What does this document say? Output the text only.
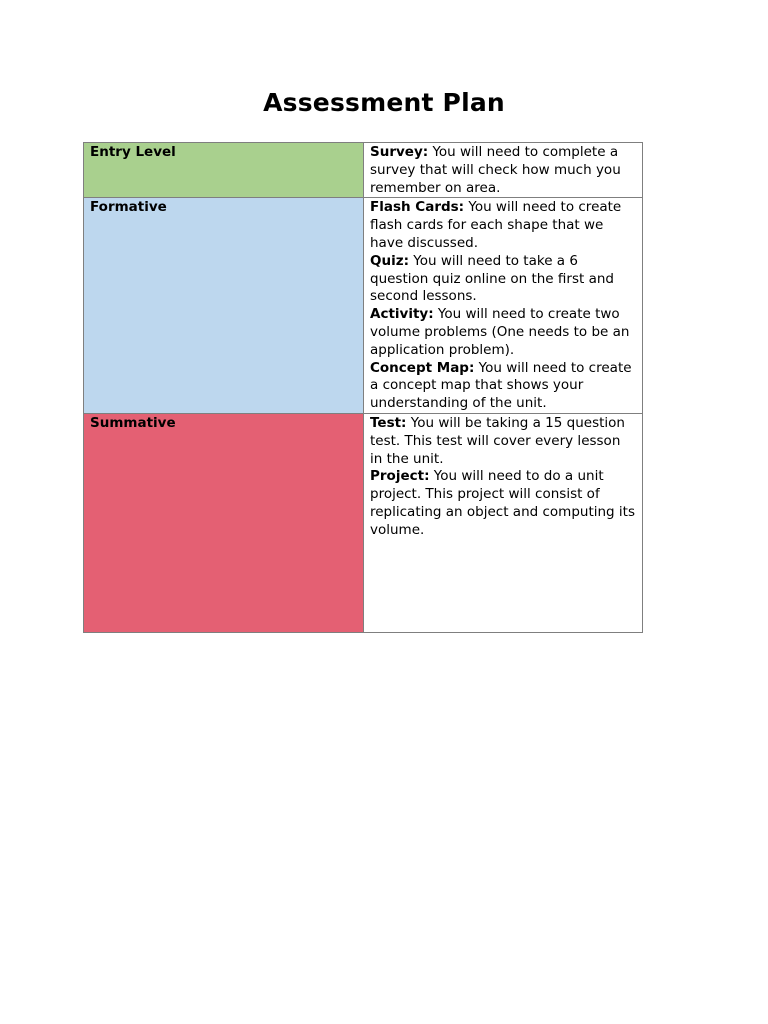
Assessment Plan
Entry Level	Survey: You will need to complete a survey that will check how much you remember on area.

Formative	Flash Cards: You will need to create flash cards for each shape that we have discussed.
Quiz: You will need to take a 6 question quiz online on the first and second lessons.
Activity: You will need to create two volume problems (One needs to be an application problem).
Concept Map: You will need to create a concept map that shows your understanding of the unit.

Summative	Test: You will be taking a 15 question test. This test will cover every lesson in the unit.
Project: You will need to do a unit project. This project will consist of replicating an object and computing its volume.
